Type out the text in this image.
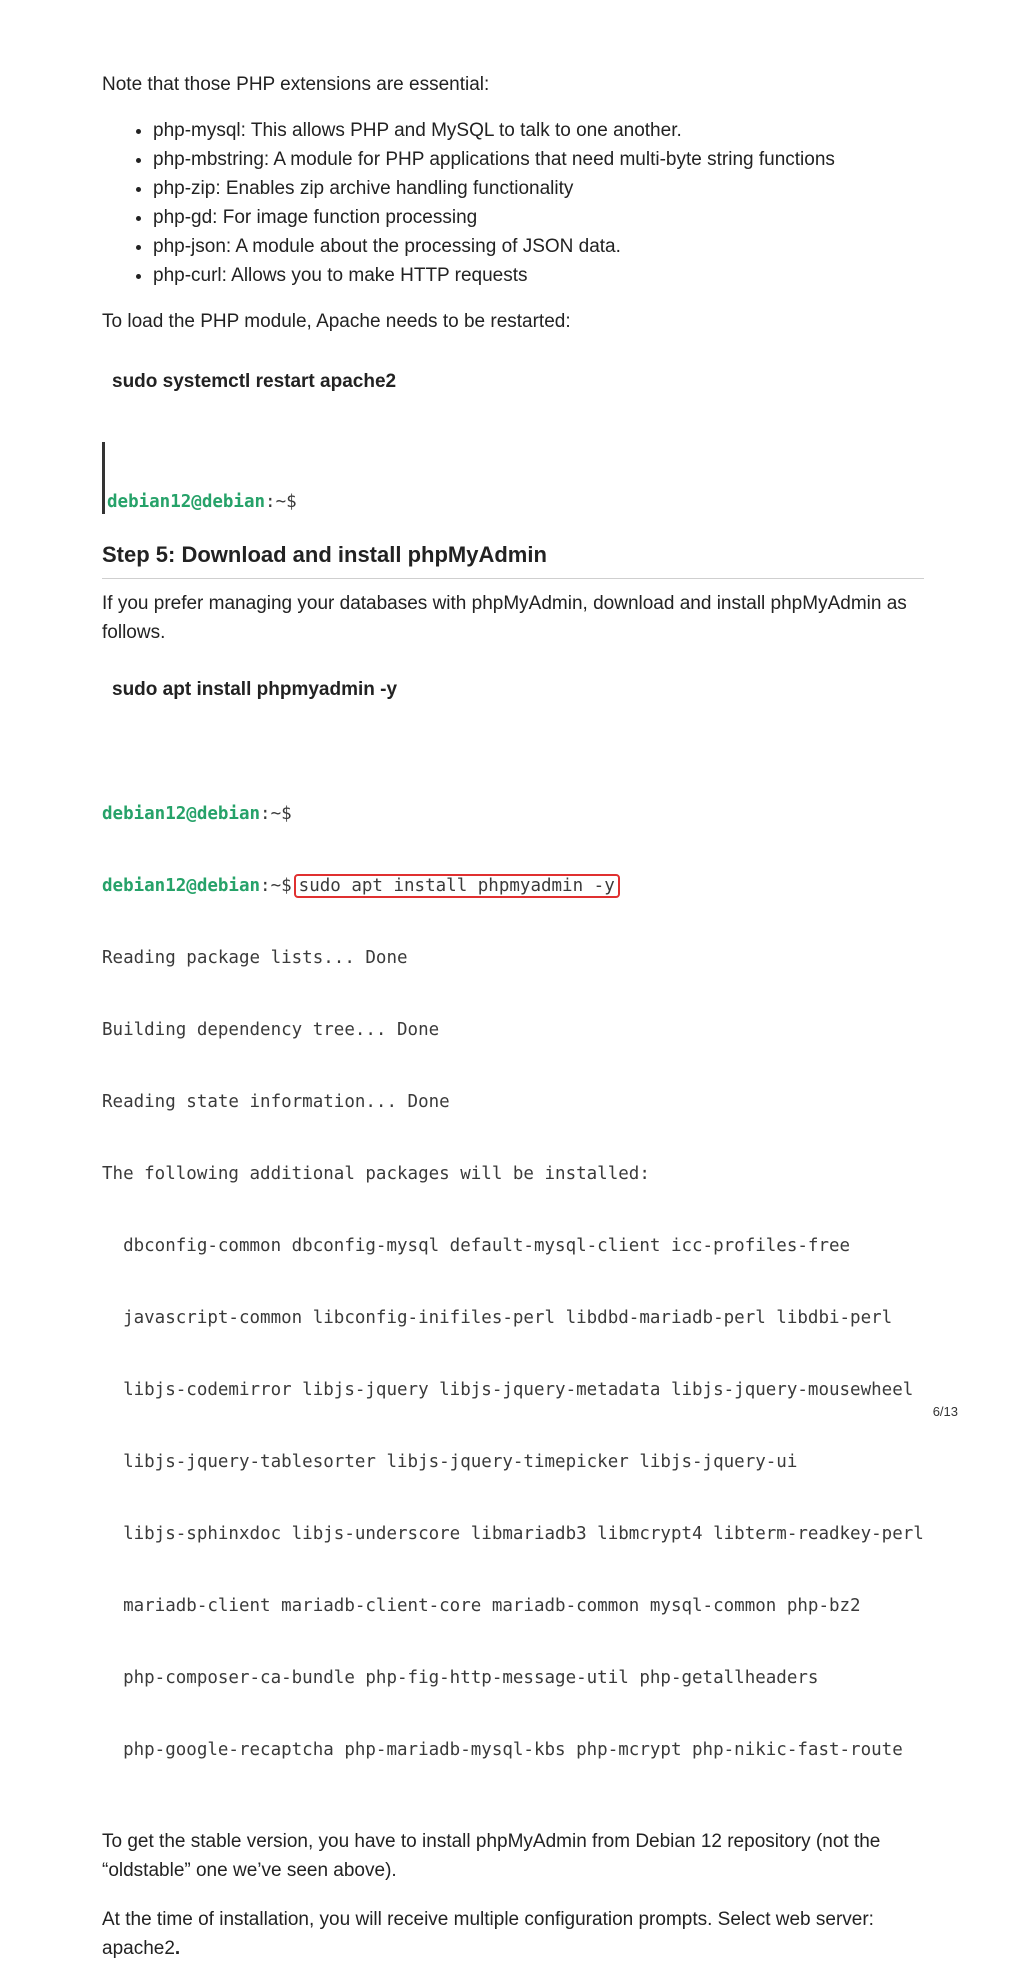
Note that those PHP extensions are essential:

• php-mysql: This allows PHP and MySQL to talk to one another.
• php-mbstring: A module for PHP applications that need multi-byte string functions
• php-zip: Enables zip archive handling functionality
• php-gd: For image function processing
• php-json: A module about the processing of JSON data.
• php-curl: Allows you to make HTTP requests

To load the PHP module, Apache needs to be restarted:

sudo systemctl restart apache2

debian12@debian:~$

Step 5: Download and install phpMyAdmin

If you prefer managing your databases with phpMyAdmin, download and install phpMyAdmin as follows.

sudo apt install phpmyadmin -y

debian12@debian:~$

debian12@debian:~$ sudo apt install phpmyadmin -y

Reading package lists... Done

Building dependency tree... Done

Reading state information... Done

The following additional packages will be installed:

dbconfig-common dbconfig-mysql default-mysql-client icc-profiles-free

javascript-common libconfig-inifiles-perl libdbd-mariadb-perl libdbi-perl

libjs-codemirror libjs-jquery libjs-jquery-metadata libjs-jquery-mousewheel

libjs-jquery-tablesorter libjs-jquery-timepicker libjs-jquery-ui

libjs-sphinxdoc libjs-underscore libmariadb3 libmcrypt4 libterm-readkey-perl

mariadb-client mariadb-client-core mariadb-common mysql-common php-bz2

php-composer-ca-bundle php-fig-http-message-util php-getallheaders

php-google-recaptcha php-mariadb-mysql-kbs php-mcrypt php-nikic-fast-route

To get the stable version, you have to install phpMyAdmin from Debian 12 repository (not the “oldstable” one we’ve seen above).

At the time of installation, you will receive multiple configuration prompts. Select web server: apache2.

6/13
